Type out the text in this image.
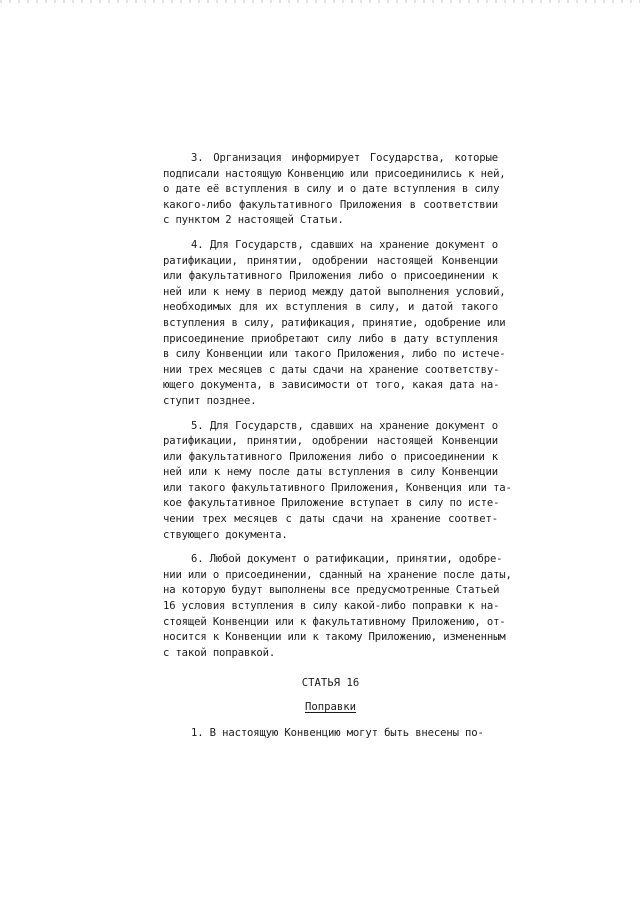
3. Организация информирует Государства, которые
подписали настоящую Конвенцию или присоединились к ней,
о дате её вступления в силу и о дате вступления в силу
какого-либо факультативного Приложения в соответствии
с пунктом 2 настоящей Статьи.

4. Для Государств, сдавших на хранение документ о
ратификации, принятии, одобрении настоящей Конвенции
или факультативного Приложения либо о присоединении к
ней или к нему в период между датой выполнения условий,
необходимых для их вступления в силу, и датой такого
вступления в силу, ратификация, принятие, одобрение или
присоединение приобретают силу либо в дату вступления
в силу Конвенции или такого Приложения, либо по истече-
нии трех месяцев с даты сдачи на хранение соответству-
ющего документа, в зависимости от того, какая дата на-
ступит позднее.

5. Для Государств, сдавших на хранение документ о
ратификации, принятии, одобрении настоящей Конвенции
или факультативного Приложения либо о присоединении к
ней или к нему после даты вступления в силу Конвенции
или такого факультативного Приложения, Конвенция или та-
кое факультативное Приложение вступает в силу по исте-
чении трех месяцев с даты сдачи на хранение соответ-
ствующего документа.

6. Любой документ о ратификации, принятии, одобре-
нии или о присоединении, сданный на хранение после даты,
на которую будут выполнены все предусмотренные Статьей
16 условия вступления в силу какой-либо поправки к на-
стоящей Конвенции или к факультативному Приложению, от-
носится к Конвенции или к такому Приложению, измененным
с такой поправкой.

СТАТЬЯ 16

Поправки

1. В настоящую Конвенцию могут быть внесены по-
